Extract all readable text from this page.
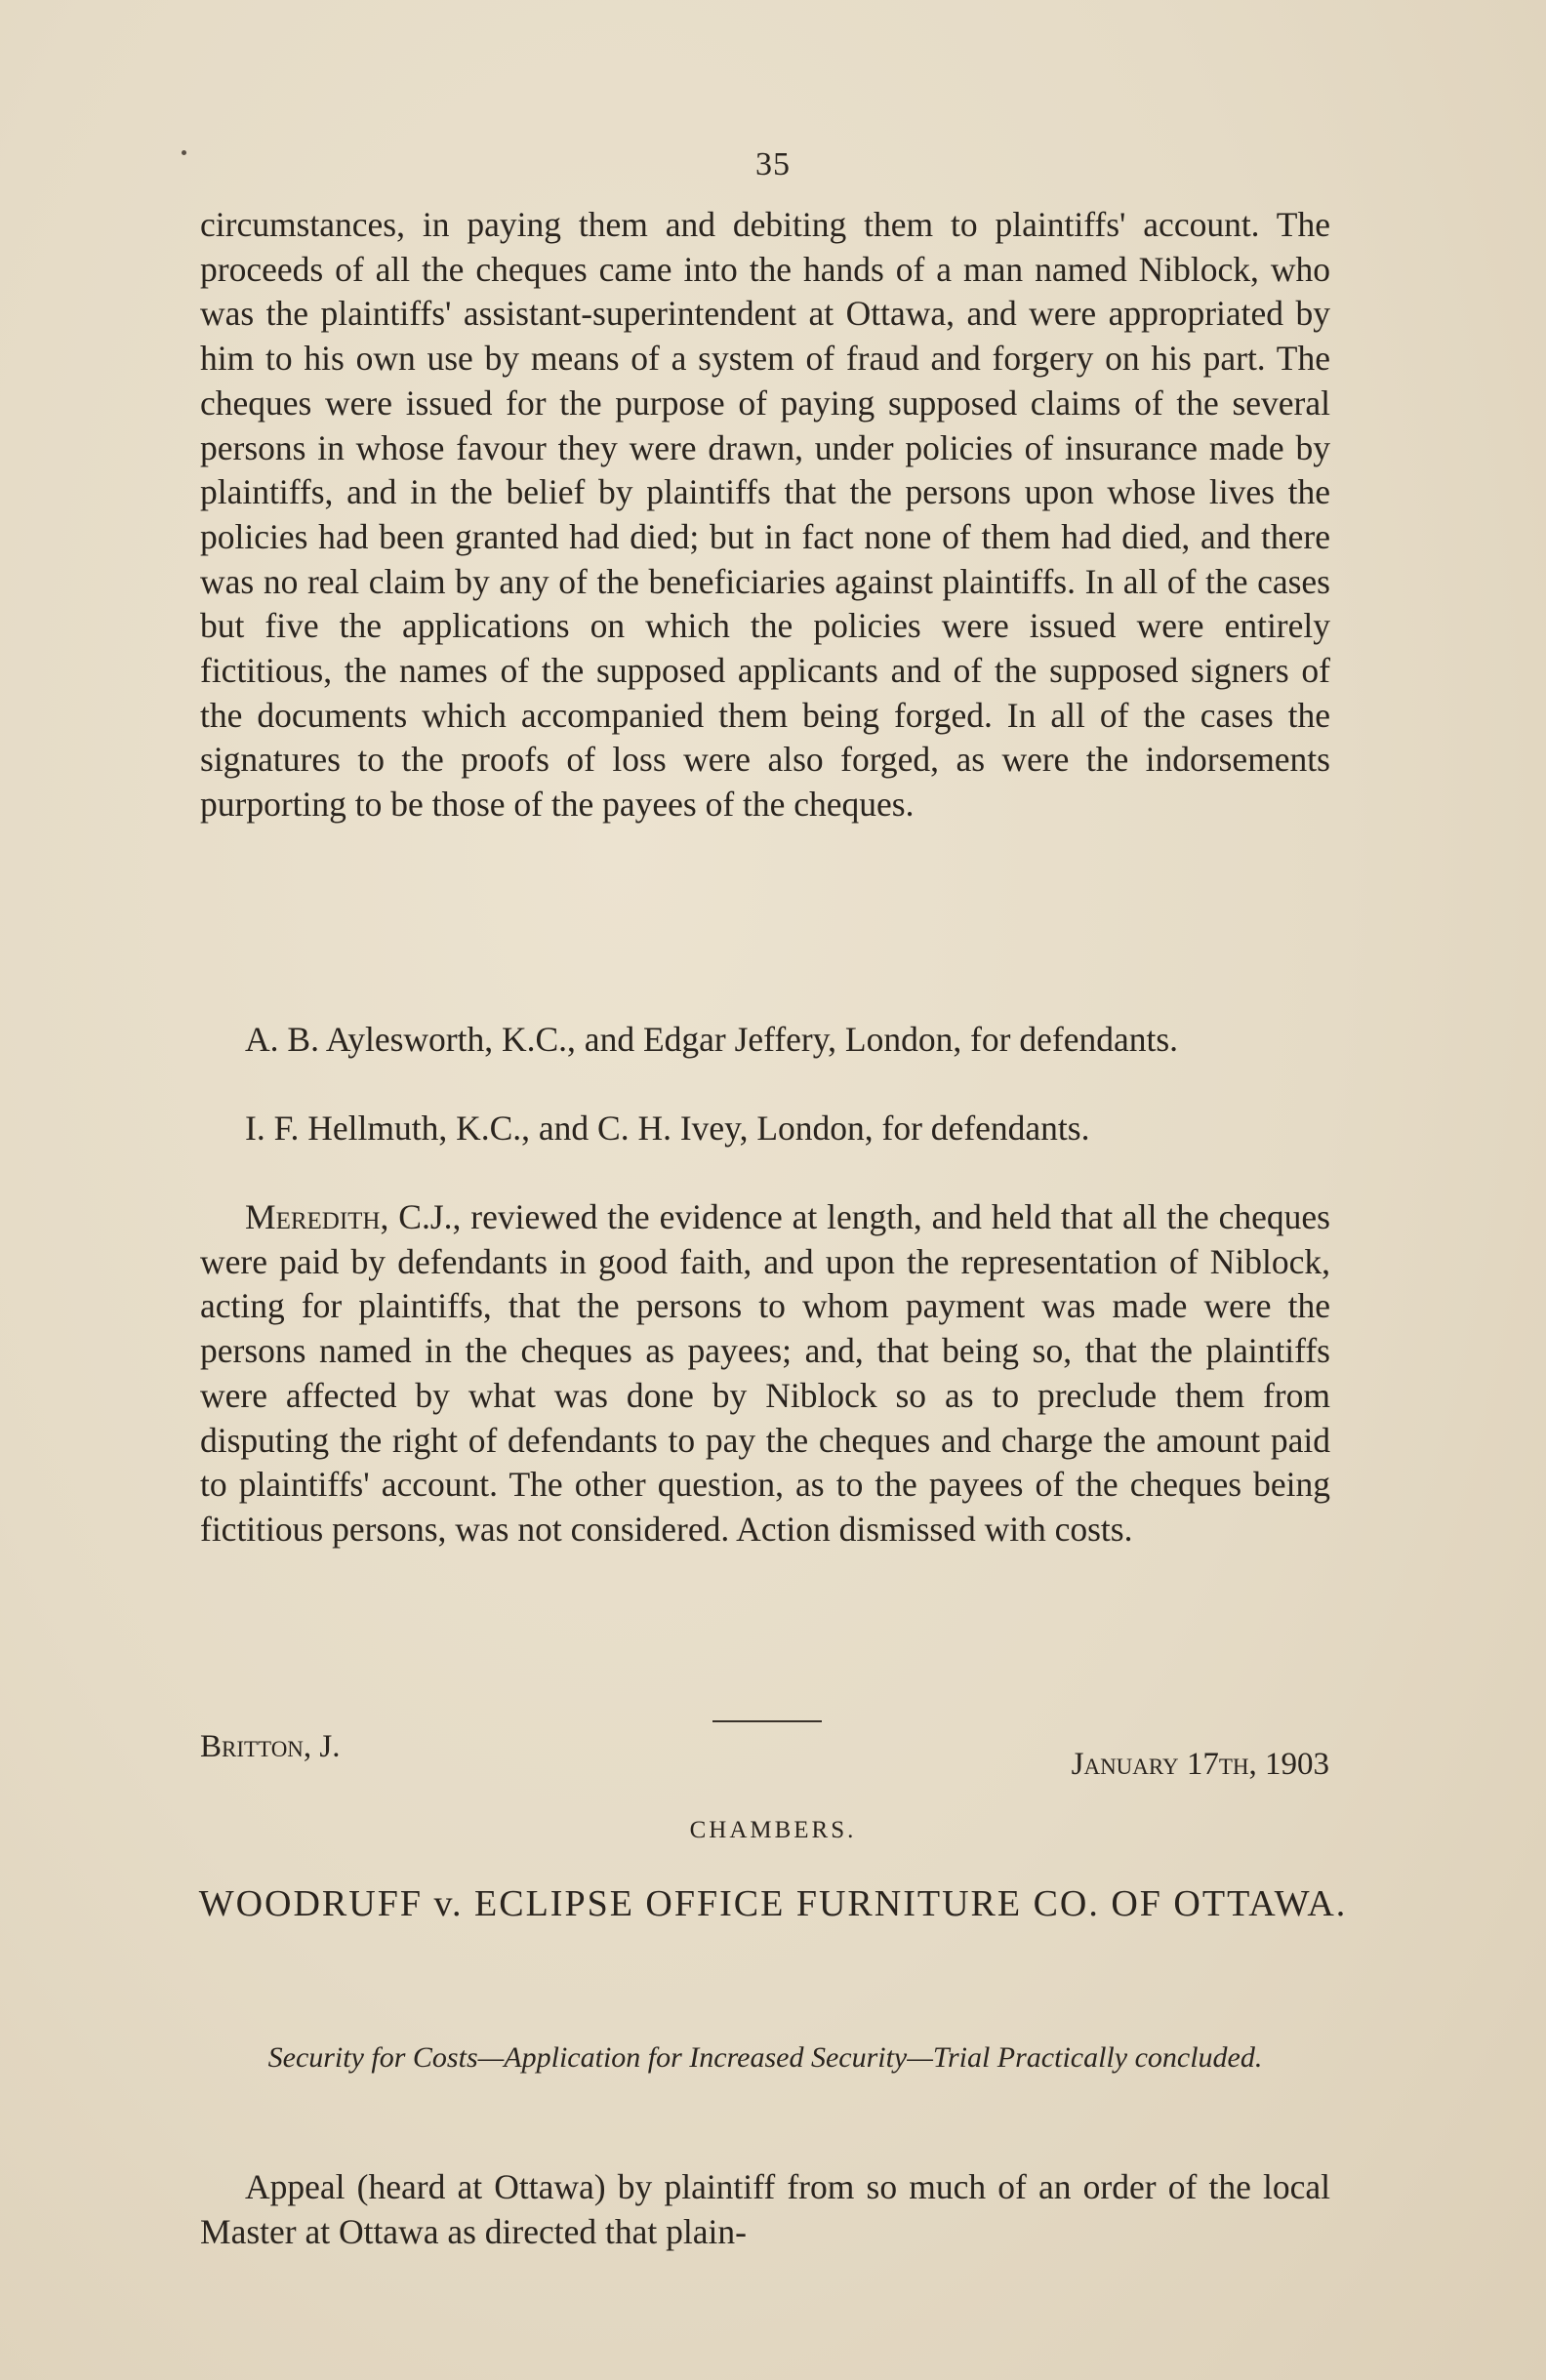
35

circumstances, in paying them and debiting them to plaintiffs' account. The proceeds of all the cheques came into the hands of a man named Niblock, who was the plaintiffs' assistant-superintendent at Ottawa, and were appropriated by him to his own use by means of a system of fraud and forgery on his part. The cheques were issued for the purpose of paying supposed claims of the several persons in whose favour they were drawn, under policies of insurance made by plaintiffs, and in the belief by plaintiffs that the persons upon whose lives the policies had been granted had died; but in fact none of them had died, and there was no real claim by any of the beneficiaries against plaintiffs. In all of the cases but five the applications on which the policies were issued were entirely fictitious, the names of the supposed applicants and of the supposed signers of the documents which accompanied them being forged. In all of the cases the signatures to the proofs of loss were also forged, as were the indorsements purporting to be those of the payees of the cheques.

A. B. Aylesworth, K.C., and Edgar Jeffery, London, for defendants.

I. F. Hellmuth, K.C., and C. H. Ivey, London, for defendants.

Meredith, C.J., reviewed the evidence at length, and held that all the cheques were paid by defendants in good faith, and upon the representation of Niblock, acting for plaintiffs, that the persons to whom payment was made were the persons named in the cheques as payees; and, that being so, that the plaintiffs were affected by what was done by Niblock so as to preclude them from disputing the right of defendants to pay the cheques and charge the amount paid to plaintiffs' account. The other question, as to the payees of the cheques being fictitious persons, was not considered. Action dismissed with costs.

Britton, J.	January 17th, 1903
CHAMBERS.
WOODRUFF v. ECLIPSE OFFICE FURNITURE CO. OF OTTAWA.
Security for Costs—Application for Increased Security—Trial Practically concluded.

Appeal (heard at Ottawa) by plaintiff from so much of an order of the local Master at Ottawa as directed that plain-
